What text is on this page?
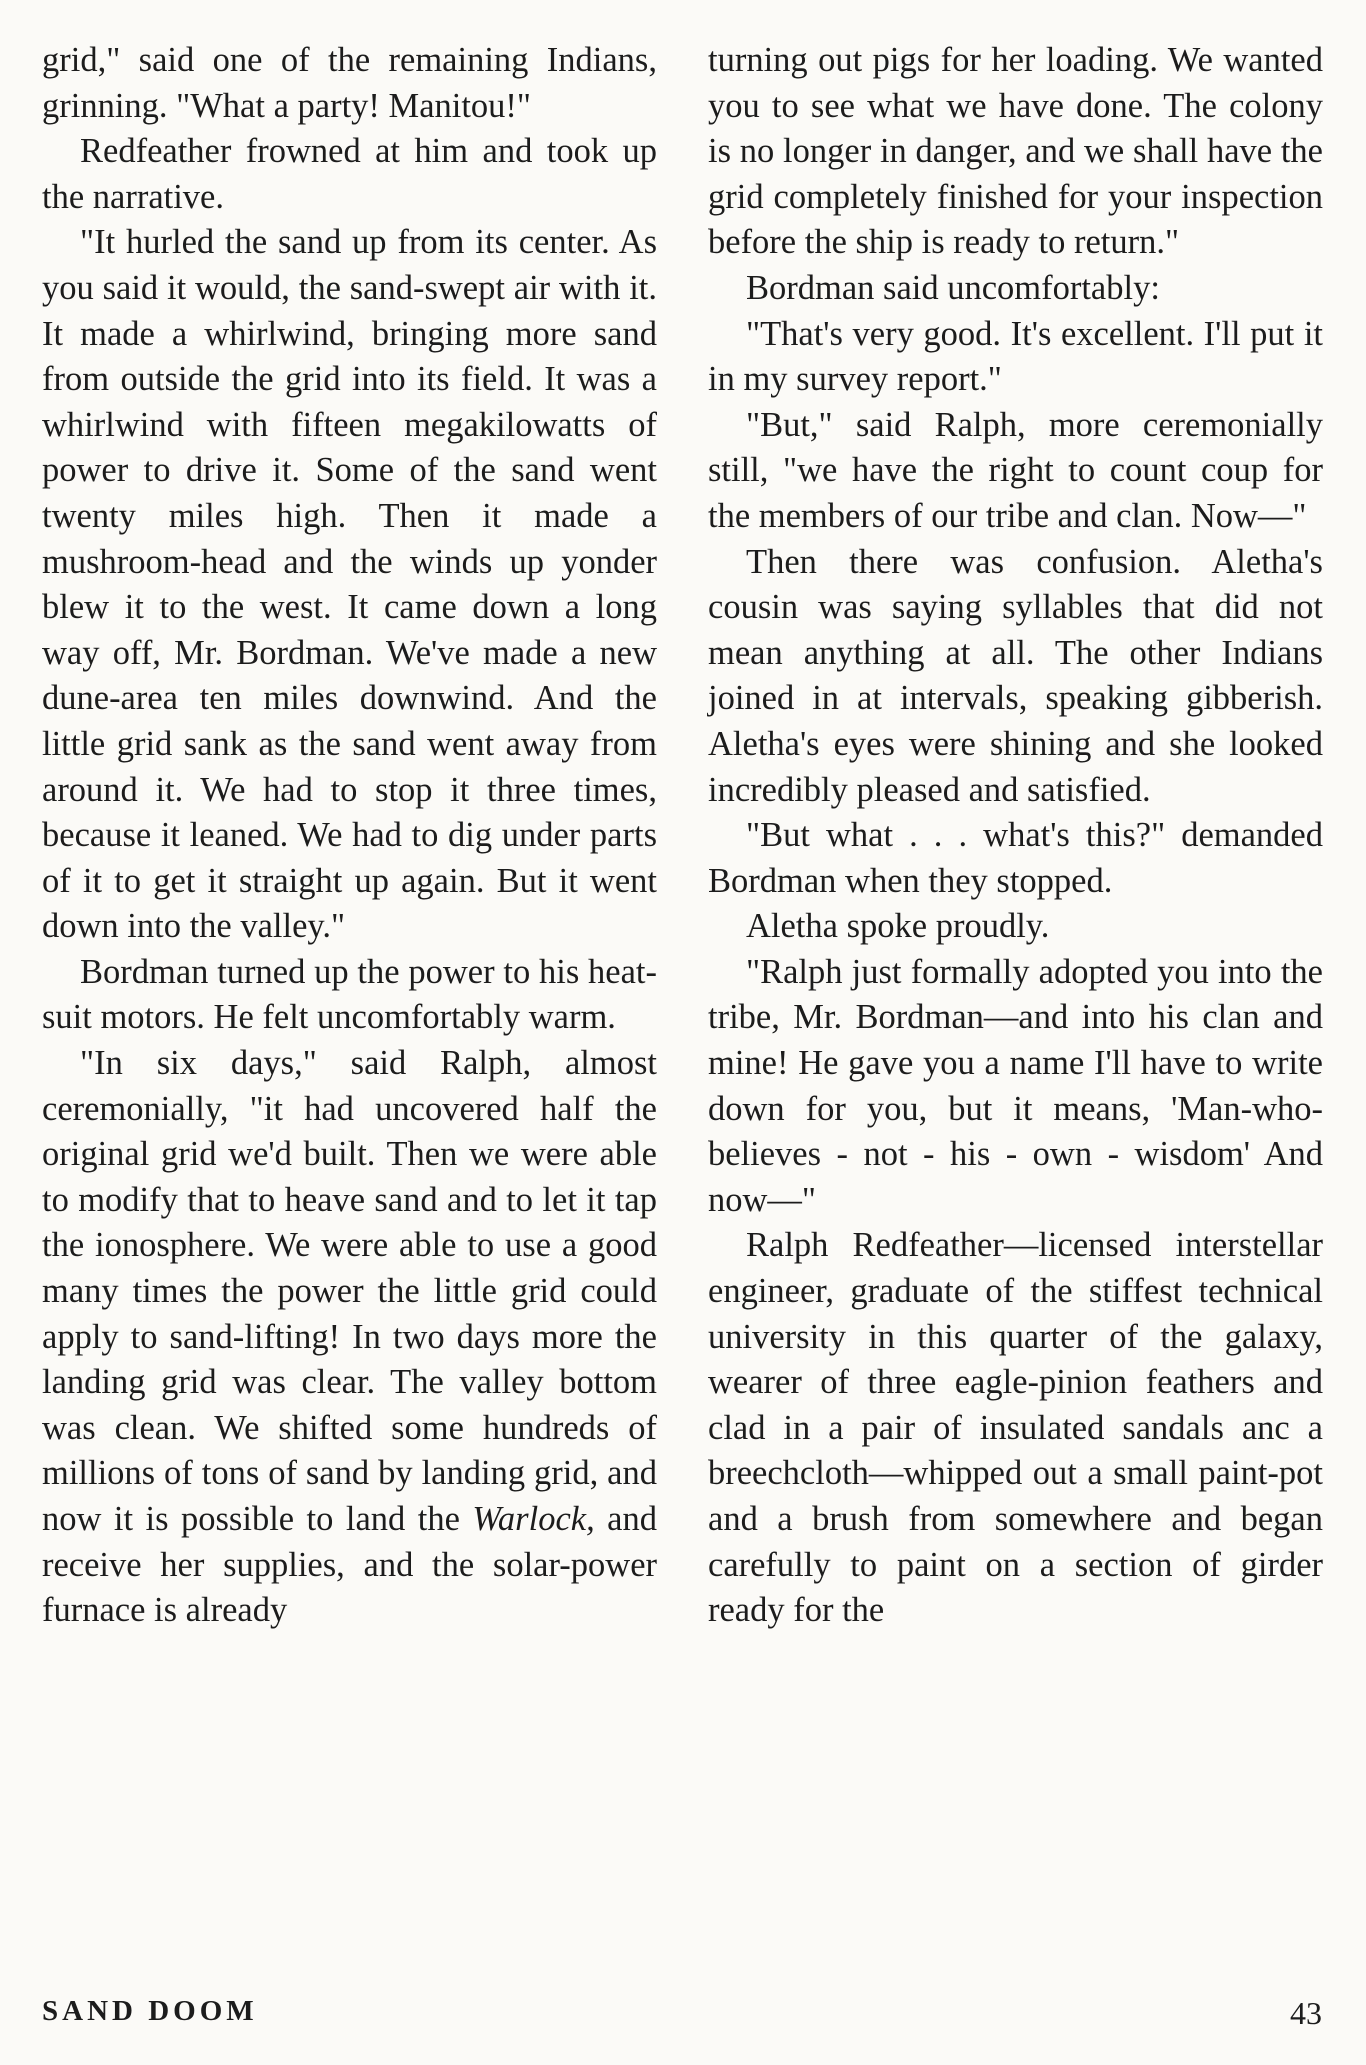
grid," said one of the remaining Indians, grinning. "What a party! Manitou!"

Redfeather frowned at him and took up the narrative.

"It hurled the sand up from its center. As you said it would, the sand-swept air with it. It made a whirlwind, bringing more sand from outside the grid into its field. It was a whirlwind with fifteen megakilowatts of power to drive it. Some of the sand went twenty miles high. Then it made a mushroom-head and the winds up yonder blew it to the west. It came down a long way off, Mr. Bordman. We've made a new dune-area ten miles downwind. And the little grid sank as the sand went away from around it. We had to stop it three times, because it leaned. We had to dig under parts of it to get it straight up again. But it went down into the valley."

Bordman turned up the power to his heat-suit motors. He felt uncomfortably warm.

"In six days," said Ralph, almost ceremonially, "it had uncovered half the original grid we'd built. Then we were able to modify that to heave sand and to let it tap the ionosphere. We were able to use a good many times the power the little grid could apply to sand-lifting! In two days more the landing grid was clear. The valley bottom was clean. We shifted some hundreds of millions of tons of sand by landing grid, and now it is possible to land the Warlock, and receive her supplies, and the solar-power furnace is already

turning out pigs for her loading. We wanted you to see what we have done. The colony is no longer in danger, and we shall have the grid completely finished for your inspection before the ship is ready to return."

Bordman said uncomfortably:

"That's very good. It's excellent. I'll put it in my survey report."

"But," said Ralph, more ceremonially still, "we have the right to count coup for the members of our tribe and clan. Now—"

Then there was confusion. Aletha's cousin was saying syllables that did not mean anything at all. The other Indians joined in at intervals, speaking gibberish. Aletha's eyes were shining and she looked incredibly pleased and satisfied.

"But what . . . what's this?" demanded Bordman when they stopped.

Aletha spoke proudly.

"Ralph just formally adopted you into the tribe, Mr. Bordman—and into his clan and mine! He gave you a name I'll have to write down for you, but it means, 'Man-who-believes - not - his - own - wisdom' And now—"

Ralph Redfeather—licensed interstellar engineer, graduate of the stiffest technical university in this quarter of the galaxy, wearer of three eagle-pinion feathers and clad in a pair of insulated sandals anc a breechcloth—whipped out a small paint-pot and a brush from somewhere and began carefully to paint on a section of girder ready for the

SAND DOOM	43
